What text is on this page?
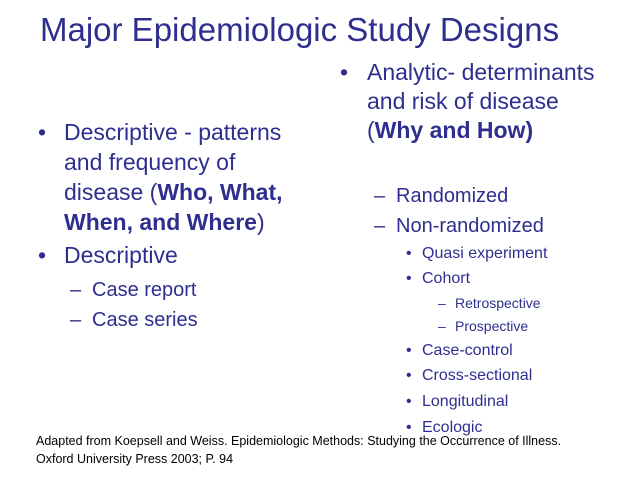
Major Epidemiologic Study Designs
• Analytic- determinants
and risk of disease
(Why and How)
• Descriptive - patterns
and frequency of
disease (Who, What,
When, and Where)
• Descriptive
– Case report
– Case series
– Randomized
– Non-randomized
• Quasi experiment
• Cohort
– Retrospective
– Prospective
• Case-control
• Cross-sectional
• Longitudinal
• Ecologic
Adapted from Koepsell and Weiss. Epidemiologic Methods: Studying the Occurrence of Illness.
Oxford University Press 2003; P. 94
